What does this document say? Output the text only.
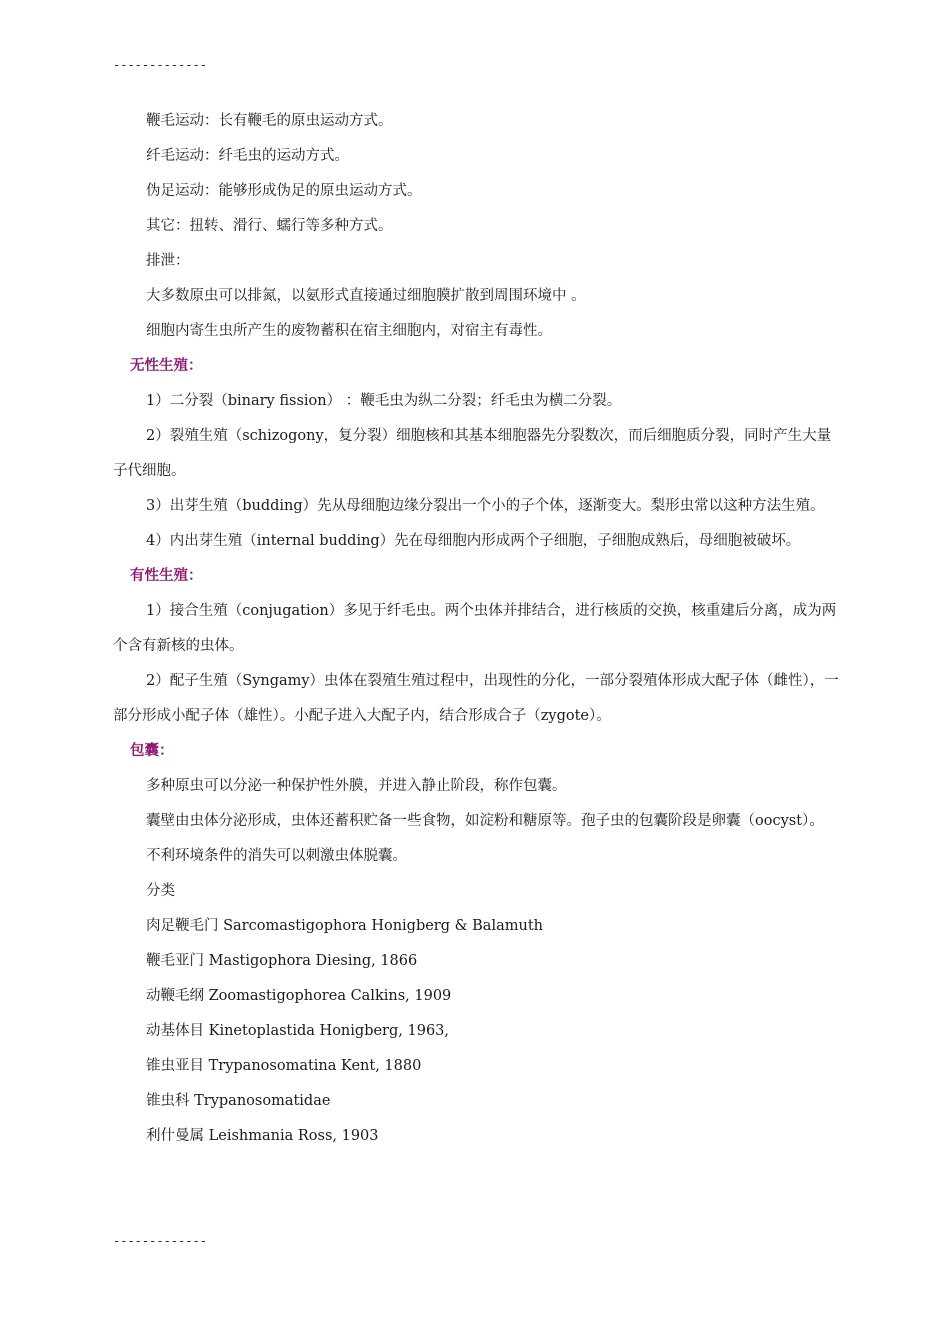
-------------

鞭毛运动：长有鞭毛的原虫运动方式。

纤毛运动：纤毛虫的运动方式。

伪足运动：能够形成伪足的原虫运动方式。

其它：扭转、滑行、蠕行等多种方式。

排泄：

大多数原虫可以排氮，以氨形式直接通过细胞膜扩散到周围环境中 。

细胞内寄生虫所产生的废物蓄积在宿主细胞内，对宿主有毒性。

无性生殖：

1）二分裂（binary fission） ：鞭毛虫为纵二分裂；纤毛虫为横二分裂。

2）裂殖生殖（schizogony，复分裂）细胞核和其基本细胞器先分裂数次，而后细胞质分裂，同时产生大量子代细胞。

3）出芽生殖（budding）先从母细胞边缘分裂出一个小的子个体，逐渐变大。梨形虫常以这种方法生殖。

4）内出芽生殖（internal budding）先在母细胞内形成两个子细胞，子细胞成熟后，母细胞被破坏。

有性生殖：

1）接合生殖（conjugation）多见于纤毛虫。两个虫体并排结合，进行核质的交换，核重建后分离，成为两个含有新核的虫体。

2）配子生殖（Syngamy）虫体在裂殖生殖过程中，出现性的分化，一部分裂殖体形成大配子体（雌性），一部分形成小配子体（雄性）。小配子进入大配子内，结合形成合子（zygote）。

包囊：

多种原虫可以分泌一种保护性外膜，并进入静止阶段，称作包囊。

囊壁由虫体分泌形成，虫体还蓄积贮备一些食物，如淀粉和糖原等。孢子虫的包囊阶段是卵囊（oocyst）。

不利环境条件的消失可以刺激虫体脱囊。

分类

肉足鞭毛门 Sarcomastigophora Honigberg & Balamuth

鞭毛亚门 Mastigophora Diesing, 1866

动鞭毛纲 Zoomastigophorea Calkins, 1909

动基体目 Kinetoplastida Honigberg, 1963,

锥虫亚目 Trypanosomatina Kent, 1880

锥虫科 Trypanosomatidae

利什曼属 Leishmania Ross, 1903

-------------
